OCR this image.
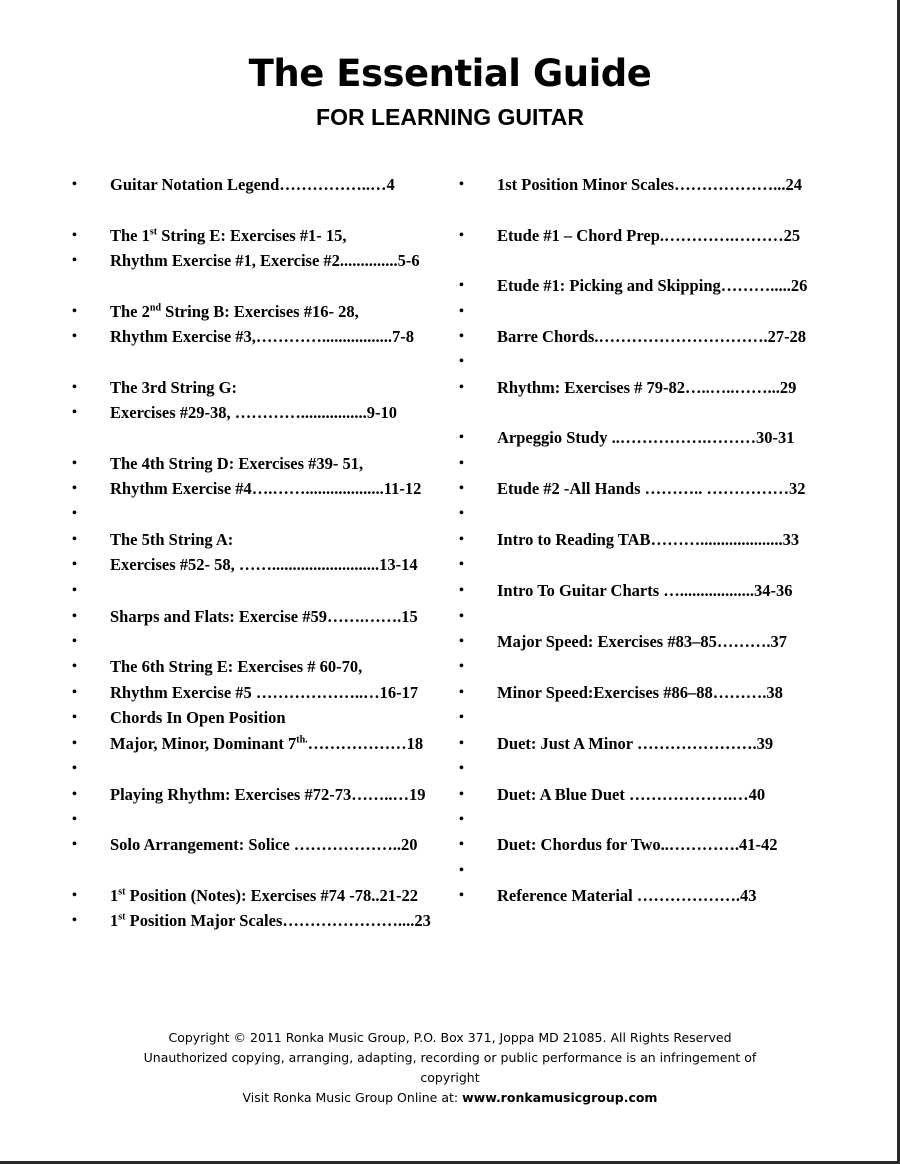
The Essential Guide
FOR LEARNING GUITAR
• Guitar Notation Legend……………..…4
• The 1st String E: Exercises #1- 15,
• Rhythm Exercise #1, Exercise #2..............5-6
• The 2nd String B: Exercises #16- 28,
• Rhythm Exercise #3,………….................7-8
• The 3rd String G:
• Exercises #29-38, …………................9-10
• The 4th String D: Exercises #39- 51,
• Rhythm Exercise #4….……...................11-12
•
• The 5th String A:
• Exercises #52- 58, ……..........................13-14
•
• Sharps and Flats: Exercise #59…….…….15
•
• The 6th String E: Exercises # 60-70,
• Rhythm Exercise #5 ………………..…16-17
• Chords In Open Position
• Major, Minor, Dominant $7^{th.}\dots\dots\dots\dots\dots\dots 18$
•
• Playing Rhythm: Exercises #72-73……..…19
•
• Solo Arrangement: Solice ………………..20
• 1st Position (Notes): Exercises #74 -78..21-22
• 1st Position Major Scales…………………....23
• 1st Position Minor Scales………………...24
• Etude #1 – Chord Prep.………….………25
• Etude #1: Picking and Skipping……….....26
•
• Barre Chords.………………………….27-28
•
• Rhythm: Exercises # 79-82…..…..……...29
• Arpeggio Study ..…………….………30-31
•
• Etude #2 -All Hands ……….. ……………32
•
• Intro to Reading TAB………....................33
•
• Intro To Guitar Charts …..................34-36
•
• Major Speed: Exercises #83–85……….37
•
• Minor Speed:Exercises #86–88……….38
•
• Duet: Just A Minor ………………….39
•
• Duet: A Blue Duet ……………….…40
•
• Duet: Chordus for Two..………….41-42
•
• Reference Material ……………….43
Copyright © 2011 Ronka Music Group, P.O. Box 371, Joppa MD 21085. All Rights Reserved
Unauthorized copying, arranging, adapting, recording or public performance is an infringement of
copyright
Visit Ronka Music Group Online at: www.ronkamusicgroup.com
